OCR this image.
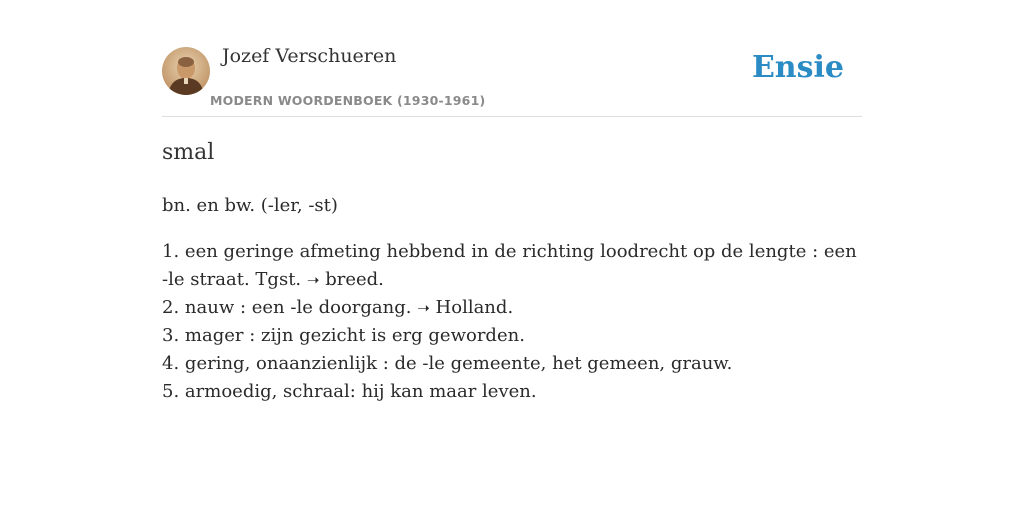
Jozef Verschueren
MODERN WOORDENBOEK (1930-1961)
Ensie
smal

bn. en bw. (-ler, -st)

1. een geringe afmeting hebbend in de richting loodrecht op de lengte : een -le straat. Tgst. ➝ breed.

2. nauw : een -le doorgang. ➝ Holland.

3. mager : zijn gezicht is erg geworden.

4. gering, onaanzienlijk : de -le gemeente, het gemeen, grauw.

5. armoedig, schraal: hij kan maar leven.
